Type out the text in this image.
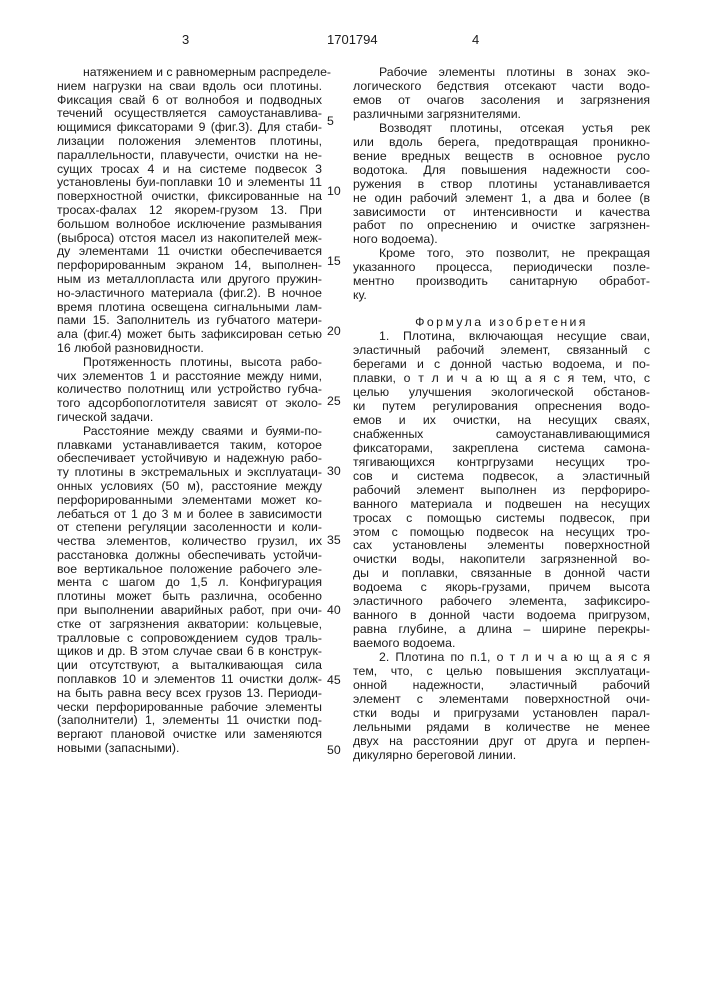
3	1701794	4
натяжением и с равномерным распределе-
нием нагрузки на сваи вдоль оси плотины.
Фиксация свай 6 от волнобоя и подводных
течений осуществляется самоустанавлива-
ющимися фиксаторами 9 (фиг.3). Для стаби-
лизации положения элементов плотины,
параллельности, плавучести, очистки на не-
сущих тросах 4 и на системе подвесок 3
установлены буи-поплавки 10 и элементы 11
поверхностной очистки, фиксированные на
тросах-фалах 12 якорем-грузом 13. При
большом волнобое исключение размывания
(выброса) отстоя масел из накопителей меж-
ду элементами 11 очистки обеспечивается
перфорированным экраном 14, выполнен-
ным из металлопласта или другого пружин-
но-эластичного материала (фиг.2). В ночное
время плотина освещена сигнальными лам-
пами 15. Заполнитель из губчатого матери-
ала (фиг.4) может быть зафиксирован сетью
16 любой разновидности.
Протяженность плотины, высота рабо-
чих элементов 1 и расстояние между ними,
количество полотнищ или устройство губча-
того адсорбопоглотителя зависят от эколо-
гической задачи.
Расстояние между сваями и буями-по-
плавками устанавливается таким, которое
обеспечивает устойчивую и надежную рабо-
ту плотины в экстремальных и эксплуатаци-
онных условиях (50 м), расстояние между
перфорированными элементами может ко-
лебаться от 1 до 3 м и более в зависимости
от степени регуляции засоленности и коли-
чества элементов, количество грузил, их
расстановка должны обеспечивать устойчи-
вое вертикальное положение рабочего эле-
мента с шагом до 1,5 л. Конфигурация
плотины может быть различна, особенно
при выполнении аварийных работ, при очи-
стке от загрязнения акватории: кольцевые,
тралловые с сопровождением судов траль-
щиков и др. В этом случае сваи 6 в конструк-
ции отсутствуют, а выталкивающая сила
поплавков 10 и элементов 11 очистки долж-
на быть равна весу всех грузов 13. Периоди-
чески перфорированные рабочие элементы
(заполнители) 1, элементы 11 очистки под-
вергают плановой очистке или заменяются
новыми (запасными).
Рабочие элементы плотины в зонах эко-
логического бедствия отсекают части водо-
емов от очагов засоления и загрязнения
различными загрязнителями.
Возводят плотины, отсекая устья рек
или вдоль берега, предотвращая проникно-
вение вредных веществ в основное русло
водотока. Для повышения надежности соо-
ружения в створ плотины устанавливается
не один рабочий элемент 1, а два и более (в
зависимости от интенсивности и качества
работ по опреснению и очистке загрязнен-
ного водоема).
Кроме того, это позволит, не прекращая
указанного процесса, периодически позле-
ментно производить санитарную обработ-
ку.
Формула изобретения
1. Плотина, включающая несущие сваи,
эластичный рабочий элемент, связанный с
берегами и с донной частью водоема, и по-
плавки, о т л и ч а ю щ а я с я тем, что, с
целью улучшения экологической обстанов-
ки путем регулирования опреснения водо-
емов и их очистки, на несущих сваях,
снабженных самоустанавливающимися
фиксаторами, закреплена система самона-
тягивающихся контргрузами несущих тро-
сов и система подвесок, а эластичный
рабочий элемент выполнен из перфориро-
ванного материала и подвешен на несущих
тросах с помощью системы подвесок, при
этом с помощью подвесок на несущих тро-
сах установлены элементы поверхностной
очистки воды, накопители загрязненной во-
ды и поплавки, связанные в донной части
водоема с якорь-грузами, причем высота
эластичного рабочего элемента, зафиксиро-
ванного в донной части водоема пригрузом,
равна глубине, а длина – ширине перекры-
ваемого водоема.
2. Плотина по п.1, о т л и ч а ю щ а я с я
тем, что, с целью повышения эксплуатаци-
онной надежности, эластичный рабочий
элемент с элементами поверхностной очи-
стки воды и пригрузами установлен парал-
лельными рядами в количестве не менее
двух на расстоянии друг от друга и перпен-
дикулярно береговой линии.
5
10
15
20
25
30
35
40
45
50
